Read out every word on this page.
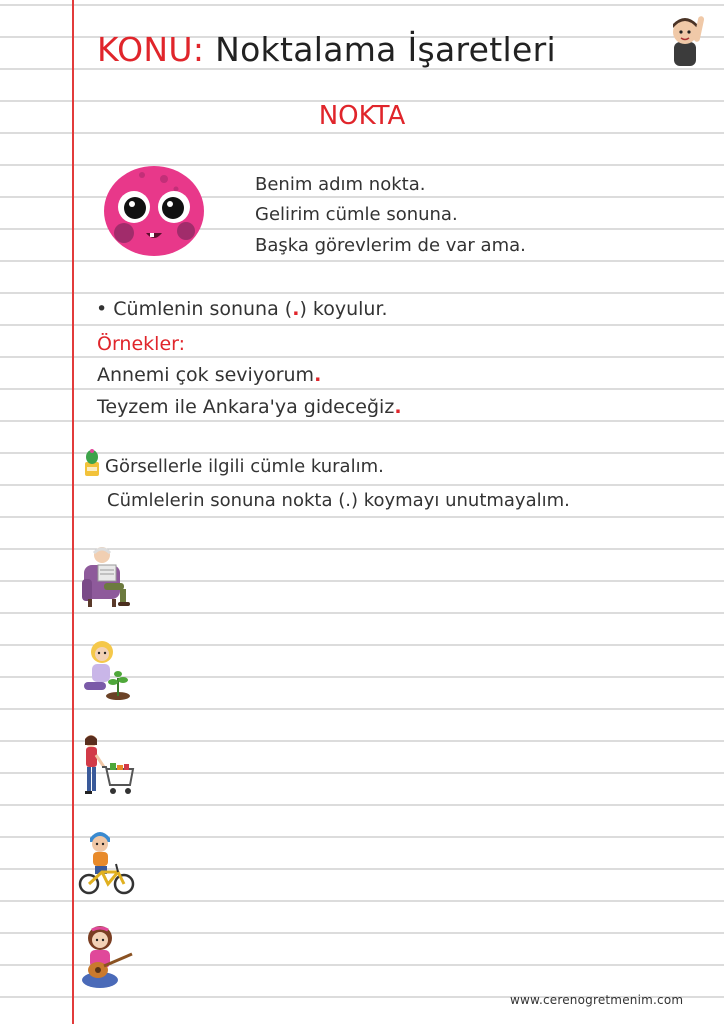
KONU: Noktalama İşaretleri
NOKTA
Benim adım nokta.
Gelirim cümle sonuna.
Başka görevlerim de var ama.
• Cümlenin sonuna (.) koyulur.
Örnekler:
Annemi çok seviyorum.
Teyzem ile Ankara'ya gideceğiz.
Görsellerle ilgili cümle kuralım.
Cümlelerin sonuna nokta (.) koymayı unutmayalım.
www.cerenogretmenim.com
